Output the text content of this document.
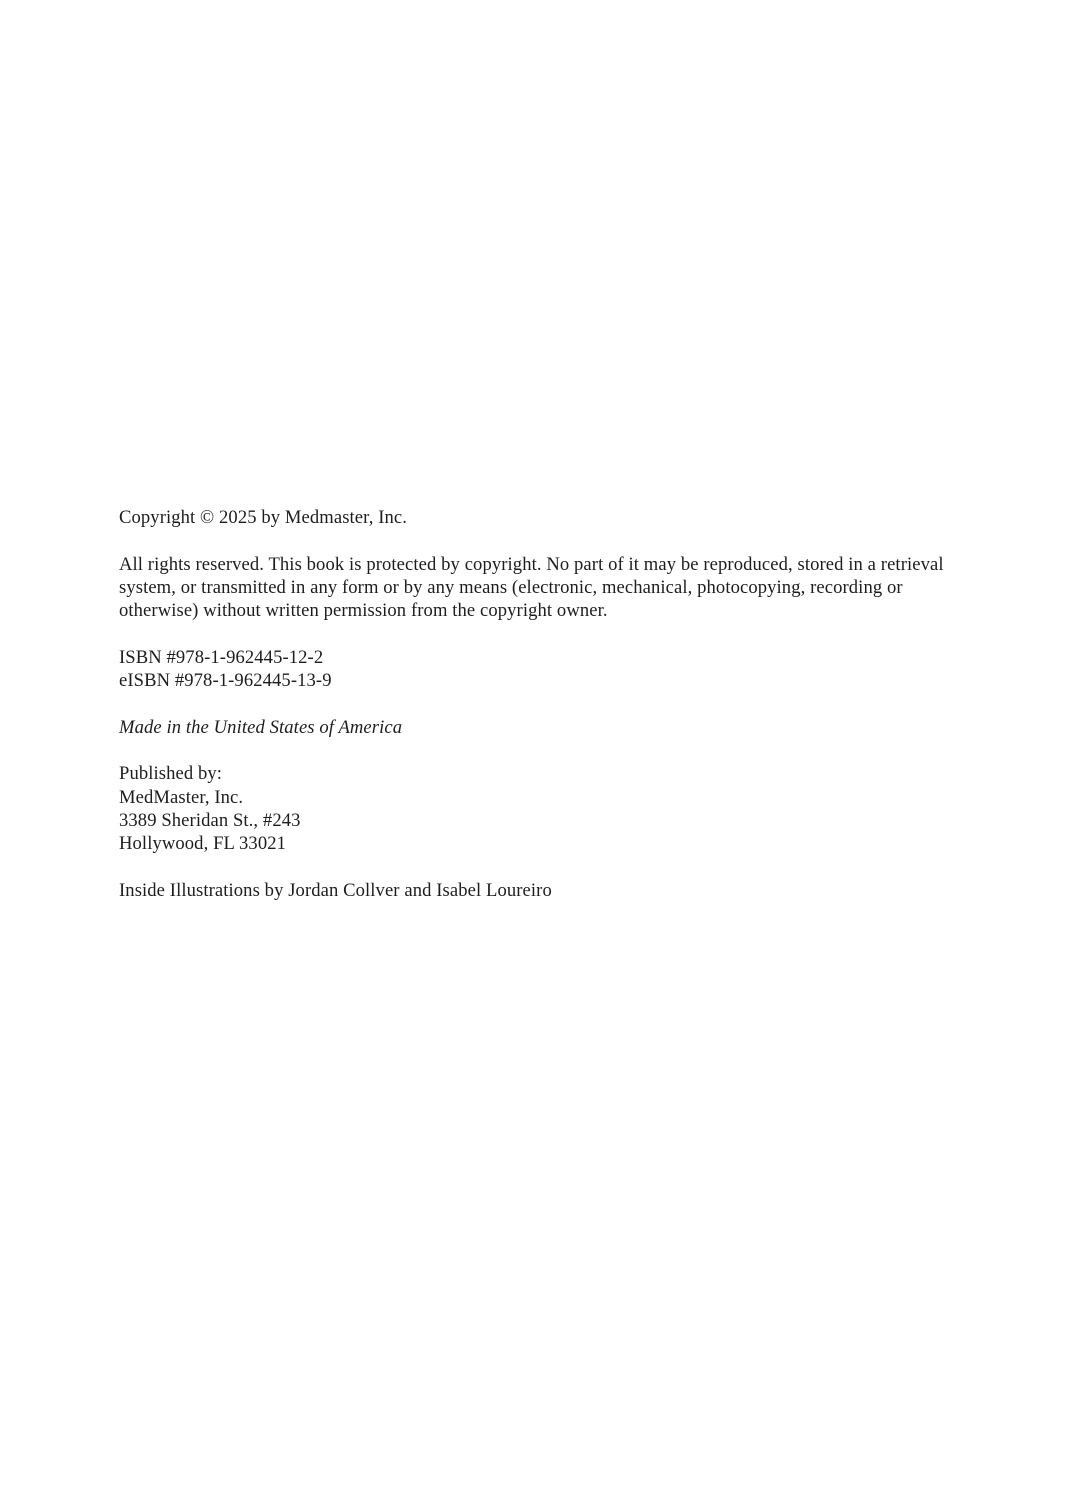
Copyright © 2025 by Medmaster, Inc.

All rights reserved. This book is protected by copyright. No part of it may be reproduced, stored in a retrieval system, or transmitted in any form or by any means (electronic, mechanical, photocopying, recording or otherwise) without written permission from the copyright owner.

ISBN #978-1-962445-12-2
eISBN #978-1-962445-13-9

Made in the United States of America

Published by:
MedMaster, Inc.
3389 Sheridan St., #243
Hollywood, FL 33021

Inside Illustrations by Jordan Collver and Isabel Loureiro
